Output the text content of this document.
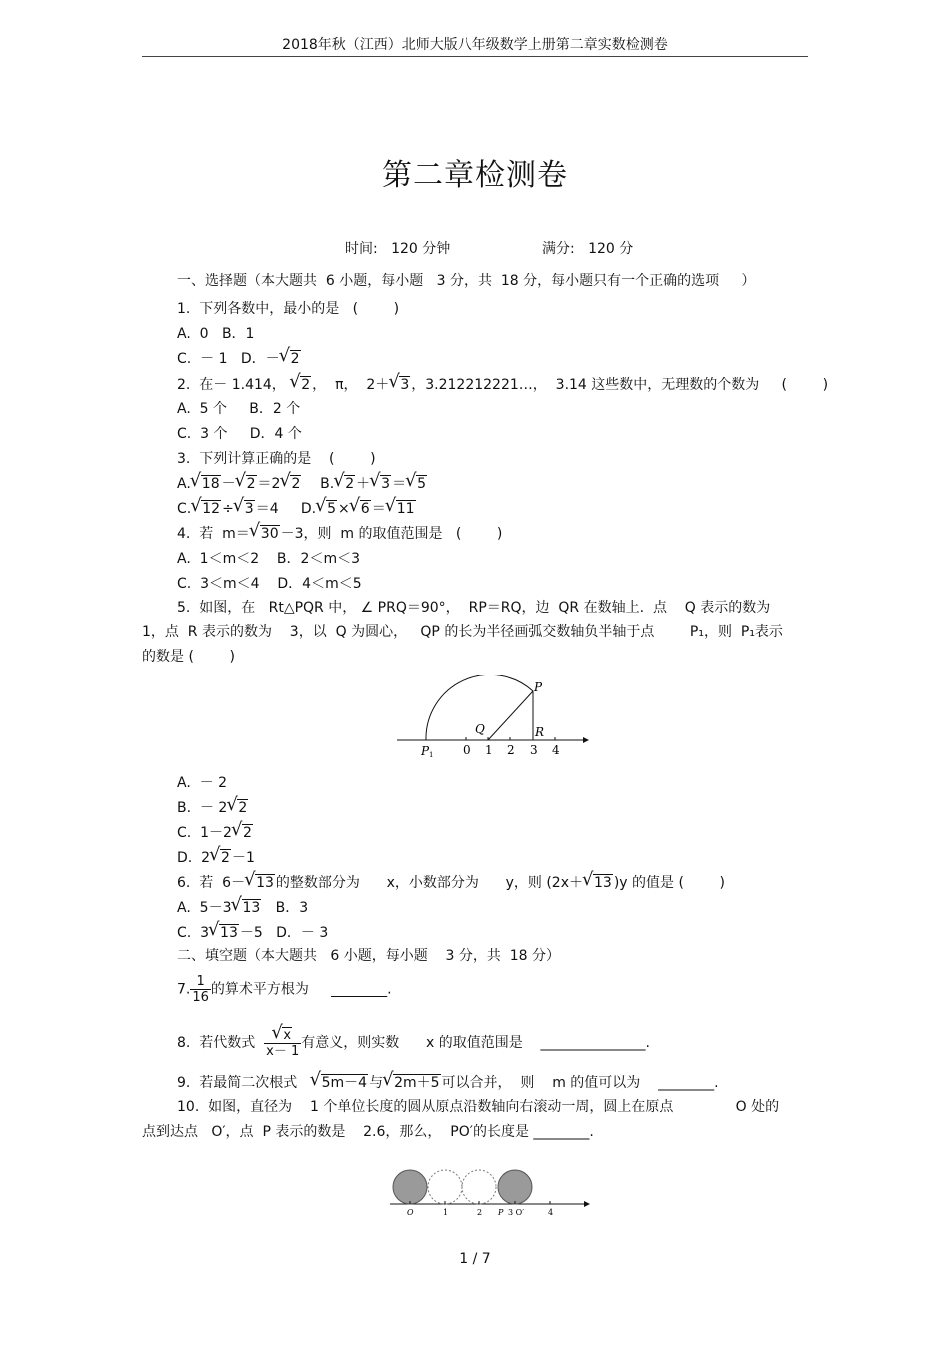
2018年秋（江西）北师大版八年级数学上册第二章实数检测卷
第二章检测卷
时间:   120 分钟	满分:   120 分
一、选择题（本大题共  6 小题，每小题   3 分，共  18 分，每小题只有一个正确的选项     ）
1.  下列各数中，最小的是   (        )
A.  0   B．1
C.  － 1   D．－ √ 2
2.  在－ 1.414， √ 2 ，  π，  2＋ √ 3 ，3.212212221…，  3.14 这些数中，无理数的个数为     (        )
A.  5 个     B．2 个
C.  3 个     D．4 个
3.  下列计算正确的是    (        )
A. √ 18 － √ 2 ＝2 √ 2    B. √ 2 ＋ √ 3 ＝ √ 5
C. √ 12 ÷ √ 3 ＝4     D. √ 5 × √ 6 ＝ √ 11
4.  若  m＝ √ 30 －3，则  m 的取值范围是   (        )
A.  1＜m＜2    B．2＜m＜3
C.  3＜m＜4    D．4＜m＜5
5.  如图，在   Rt△PQR 中， ∠ PRQ＝90°，  RP＝RQ，边  QR 在数轴上.  点    Q 表示的数为
1，点  R 表示的数为    3，以  Q 为圆心，   QP 的长为半径画弧交数轴负半轴于点        P₁，则  P₁表示
的数是 (        )
P
Q	R
P 1 0 1 2 3 4
A.  － 2
B.  － 2 √ 2
C.  1－2 √ 2
D.  2 √ 2 －1
6.  若  6－ √ 13 的整数部分为      x，小数部分为      y，则 (2x＋ √ 13 )y 的值是 (        )
A.  5－3 √ 13   B．3
C.  3 √ 13 －5   D．－ 3
二、填空题（本大题共   6 小题，每小题    3 分，共  18 分）
7. $\frac{1}{16}$ 的算术平方根为     ________.
8.  若代数式 √ $\frac{x}{x- 1}$ 有意义，则实数      x 的取值范围是    _______________.
9.  若最简二次根式   √ 5m－4 与 √ 2m＋5 可以合并，  则    m 的值可以为    ________.
10.  如图，直径为    1 个单位长度的圆从原点沿数轴向右滚动一周，圆上在原点              O 处的
点到达点   O′，点  P 表示的数是    2.6，那么，  PO′的长度是 ________.
O	1	2 P 3 O′	4
1 / 7
